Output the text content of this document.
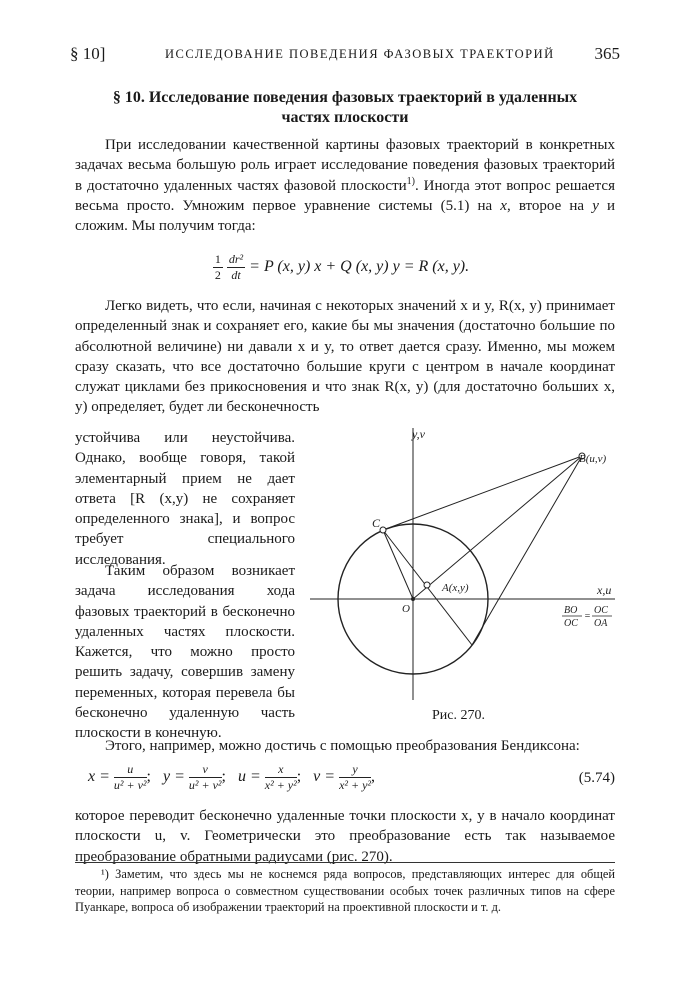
§ 10]	ИССЛЕДОВАНИЕ ПОВЕДЕНИЯ ФАЗОВЫХ ТРАЕКТОРИЙ 365
§ 10. Исследование поведения фазовых траекторий в удаленных
частях плоскости

При исследовании качественной картины фазовых траекторий в конкретных задачах весьма большую роль играет исследование поведения фазовых траекторий в достаточно удаленных частях фазовой плоскости$^{1)}$. Иногда этот вопрос решается весьма просто. Умножим первое уравнение системы (5.1) на x, второе на y и сложим. Мы получим тогда:

$\frac{1}{2}$
$\frac{\text{dr²}}{dt} = P$ (x, y) x + Q (x, y) y = R (x, y).

Легко видеть, что если, начиная с некоторых значений x и y, R(x, y) принимает определенный знак и сохраняет его, какие бы мы значения (достаточно большие по абсолютной величине) ни давали x и y, то ответ дается сразу. Именно, мы можем сразу сказать, что все достаточно большие круги с центром в начале координат служат циклами без прикосновения и что знак R(x, y) (для достаточно больших x, y) определяет, будет ли бесконечность

устойчива или неустойчива. Однако, вообще говоря, такой элементарный прием не дает ответа [R (x,y) не сохраняет определенного знака], и вопрос требует специального исследования.

Таким образом возникает задача исследования хода фазовых траекторий в бесконечно удаленных частях плоскости. Кажется, что можно просто решить задачу, совершив замену переменных, которая перевела бы бесконечно удаленную часть плоскости в конечную.

Этого, например, можно достичь с помощью преобразования Бендиксона:

$x = \frac{u}{\text{u² + v²}}$ ; $y = \frac{v}{\text{u² + v²}}$ ; $u = \frac{x}{\text{x² + y²}}$ ; $v = \frac{y}{\text{x² + y²}}$ ,	(5.74)

которое переводит бесконечно удаленные точки плоскости x, y в начало координат плоскости u, v. Геометрически это преобразование есть так называемое преобразование обратными радиусами (рис. 270).

¹) Заметим, что здесь мы не коснемся ряда вопросов, представляющих интерес для общей теории, например вопроса о совместном существовании особых точек различных типов на сфере Пуанкаре, вопроса об изображении траекторий на проективной плоскости и т. д.

y,v
x,u
B(u,v)
C
A(x,y)
O	BO
OC
=
OC
OA
Рис. 270.
